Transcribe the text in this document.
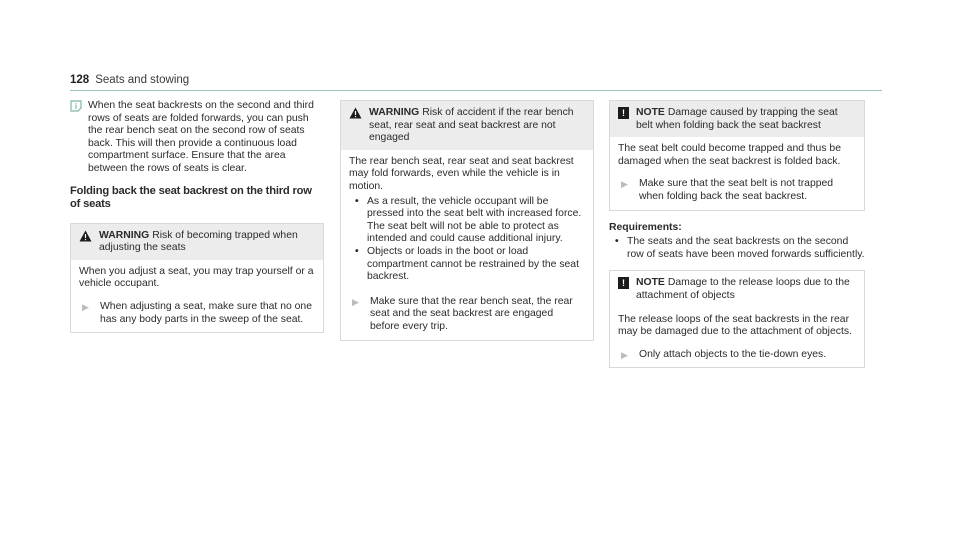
128 Seats and stowing
i When the seat backrests on the second and third rows of seats are folded forwards, you can push the rear bench seat on the second row of seats back. This will then provide a continuous load compartment surface. Ensure that the area between the rows of seats is clear.
Folding back the seat backrest on the third row of seats
WARNING Risk of becoming trapped when adjusting the seats

When you adjust a seat, you may trap yourself or a vehicle occupant.

▶ When adjusting a seat, make sure that no one has any body parts in the sweep of the seat.
WARNING Risk of accident if the rear bench seat, rear seat and seat backrest are not engaged

The rear bench seat, rear seat and seat backrest may fold forwards, even while the vehicle is in motion.

• As a result, the vehicle occupant will be pressed into the seat belt with increased force. The seat belt will not be able to protect as intended and could cause additional injury.
• Objects or loads in the boot or load compartment cannot be restrained by the seat backrest.
▶ Make sure that the rear bench seat, the rear seat and the seat backrest are engaged before every trip.
!	NOTE Damage caused by trapping the seat belt when folding back the seat backrest

The seat belt could become trapped and thus be damaged when the seat backrest is folded back.

▶ Make sure that the seat belt is not trapped when folding back the seat backrest.
Requirements:
• The seats and the seat backrests on the second row of seats have been moved forwards sufficiently.
!	NOTE Damage to the release loops due to the attachment of objects

The release loops of the seat backrests in the rear may be damaged due to the attachment of objects.

▶ Only attach objects to the tie-down eyes.
